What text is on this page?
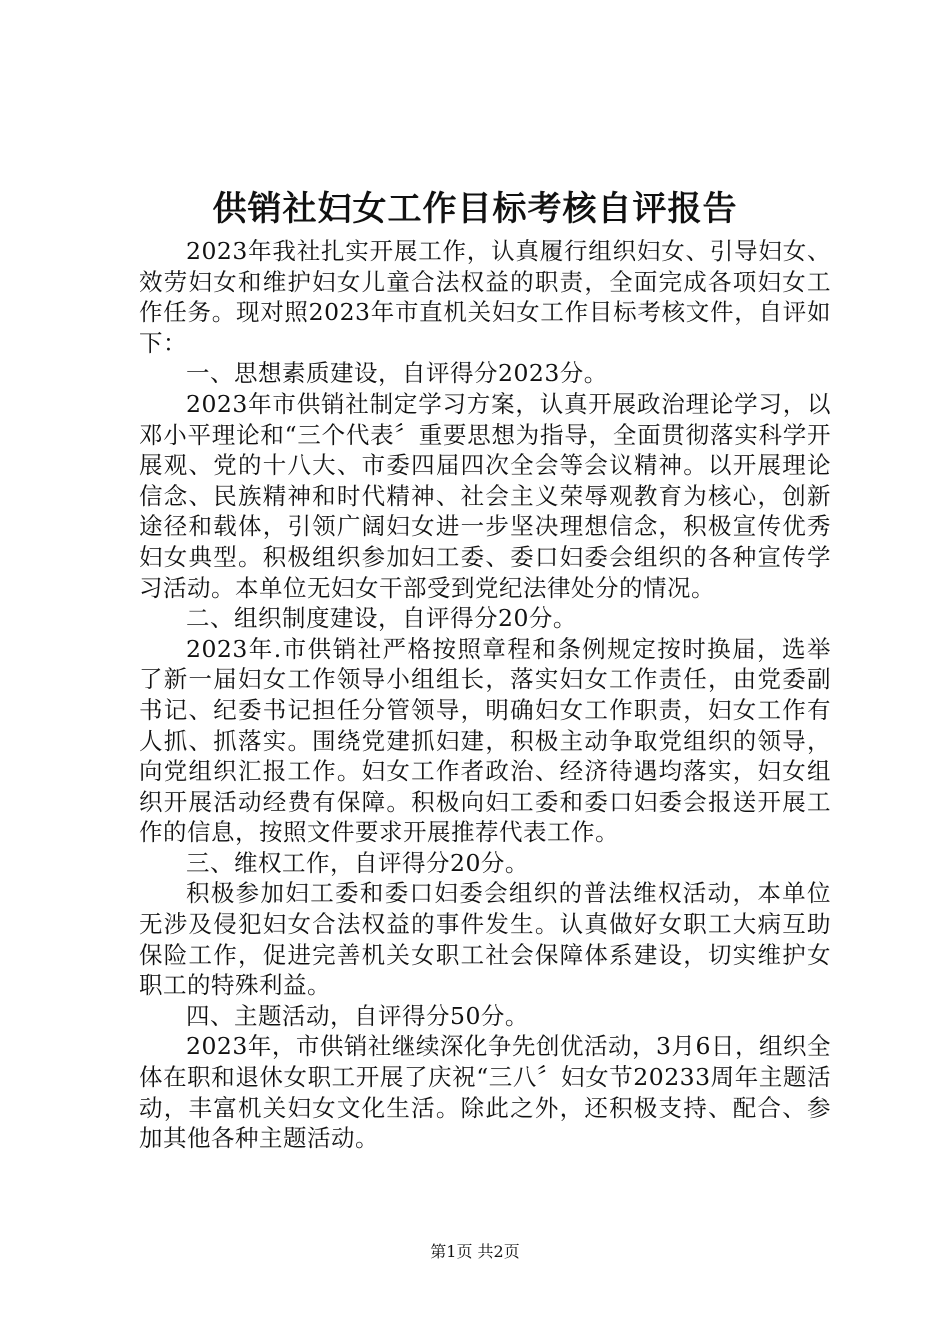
供销社妇女工作目标考核自评报告

2023年我社扎实开展工作，认真履行组织妇女、引导妇女、效劳妇女和维护妇女儿童合法权益的职责，全面完成各项妇女工作任务。现对照2023年市直机关妇女工作目标考核文件，自评如下：

一、思想素质建设，自评得分2023分。

2023年市供销社制定学习方案，认真开展政治理论学习，以邓小平理论和“三个代表〞重要思想为指导，全面贯彻落实科学开展观、党的十八大、市委四届四次全会等会议精神。以开展理论信念、民族精神和时代精神、社会主义荣辱观教育为核心，创新途径和载体，引领广阔妇女进一步坚决理想信念，积极宣传优秀妇女典型。积极组织参加妇工委、委口妇委会组织的各种宣传学习活动。本单位无妇女干部受到党纪法律处分的情况。

二、组织制度建设，自评得分20分。

2023年.市供销社严格按照章程和条例规定按时换届，选举了新一届妇女工作领导小组组长，落实妇女工作责任，由党委副书记、纪委书记担任分管领导，明确妇女工作职责，妇女工作有人抓、抓落实。围绕党建抓妇建，积极主动争取党组织的领导，向党组织汇报工作。妇女工作者政治、经济待遇均落实，妇女组织开展活动经费有保障。积极向妇工委和委口妇委会报送开展工作的信息，按照文件要求开展推荐代表工作。

三、维权工作，自评得分20分。

积极参加妇工委和委口妇委会组织的普法维权活动，本单位无涉及侵犯妇女合法权益的事件发生。认真做好女职工大病互助保险工作，促进完善机关女职工社会保障体系建设，切实维护女职工的特殊利益。

四、主题活动，自评得分50分。

2023年，市供销社继续深化争先创优活动，3月6日，组织全体在职和退休女职工开展了庆祝“三八〞妇女节20233周年主题活动，丰富机关妇女文化生活。除此之外，还积极支持、配合、参加其他各种主题活动。

第1页 共2页
